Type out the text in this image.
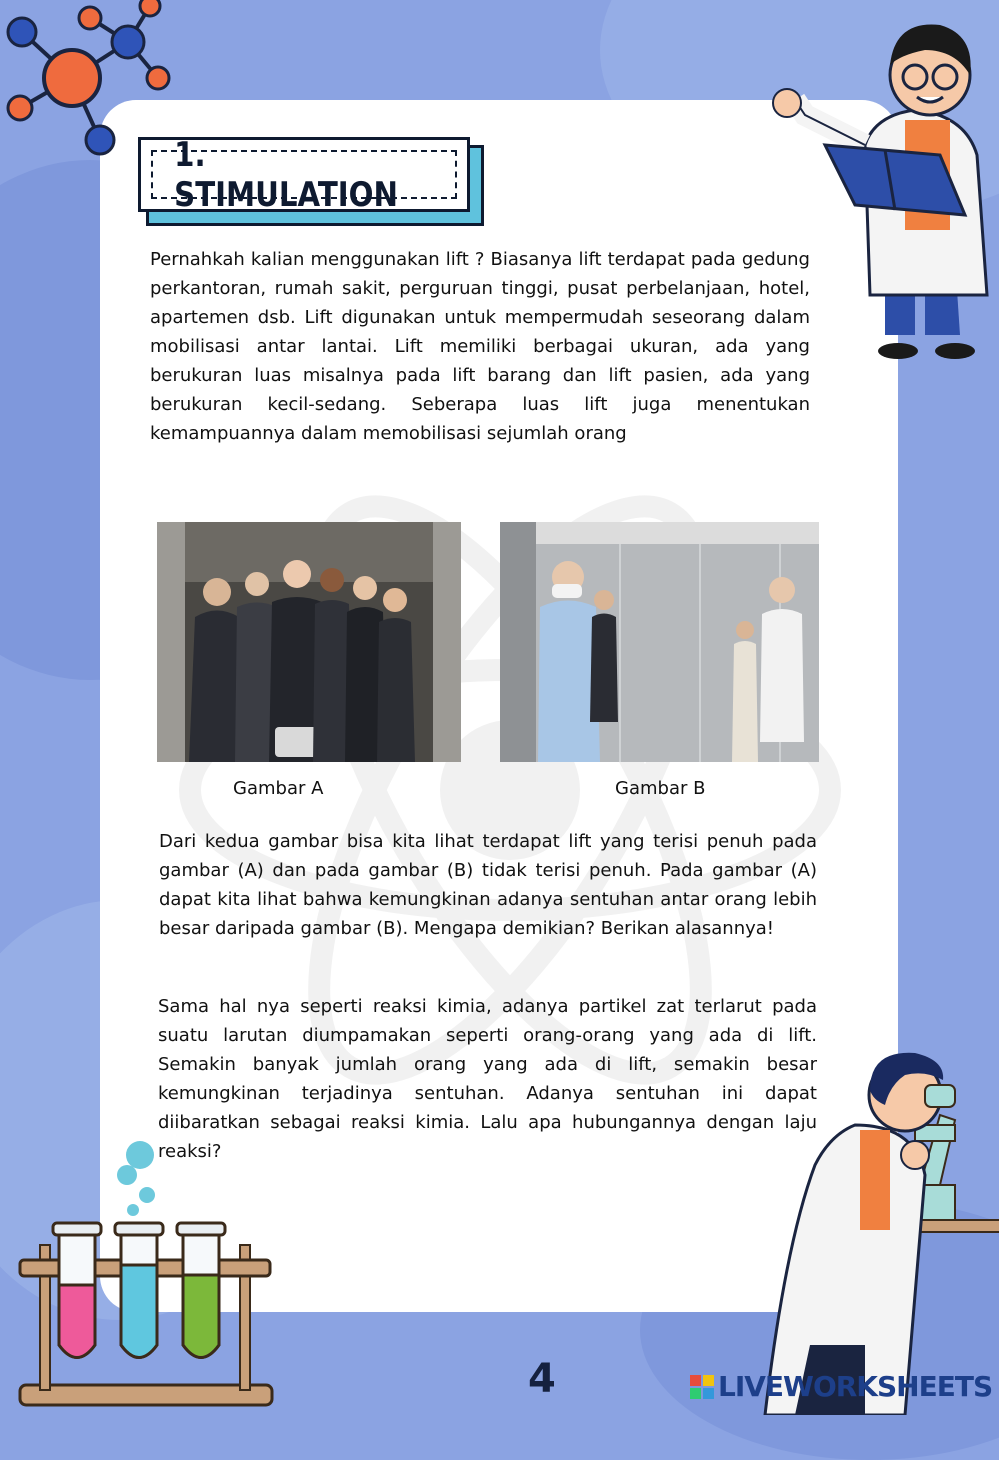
1. STIMULATION
Pernahkah kalian menggunakan lift ? Biasanya lift terdapat pada gedung perkantoran, rumah sakit, perguruan tinggi, pusat perbelanjaan, hotel, apartemen dsb. Lift digunakan untuk mempermudah seseorang dalam mobilisasi antar lantai. Lift memiliki berbagai ukuran, ada yang berukuran luas misalnya pada lift barang dan lift pasien, ada yang berukuran kecil-sedang. Seberapa luas lift juga menentukan kemampuannya dalam memobilisasi sejumlah orang
Gambar A	Gambar B
Dari kedua gambar bisa kita lihat terdapat lift yang terisi penuh pada gambar (A) dan pada gambar (B) tidak terisi penuh. Pada gambar (A) dapat kita lihat bahwa kemungkinan adanya sentuhan antar orang lebih besar daripada gambar (B). Mengapa demikian? Berikan alasannya!
Sama hal nya seperti reaksi kimia, adanya partikel zat terlarut pada suatu larutan diumpamakan seperti orang-orang yang ada di lift. Semakin banyak jumlah orang yang ada di lift, semakin besar kemungkinan terjadinya sentuhan. Adanya sentuhan ini dapat diibaratkan sebagai reaksi kimia. Lalu apa hubungannya dengan laju reaksi?
4	LIVEWORKSHEETS
